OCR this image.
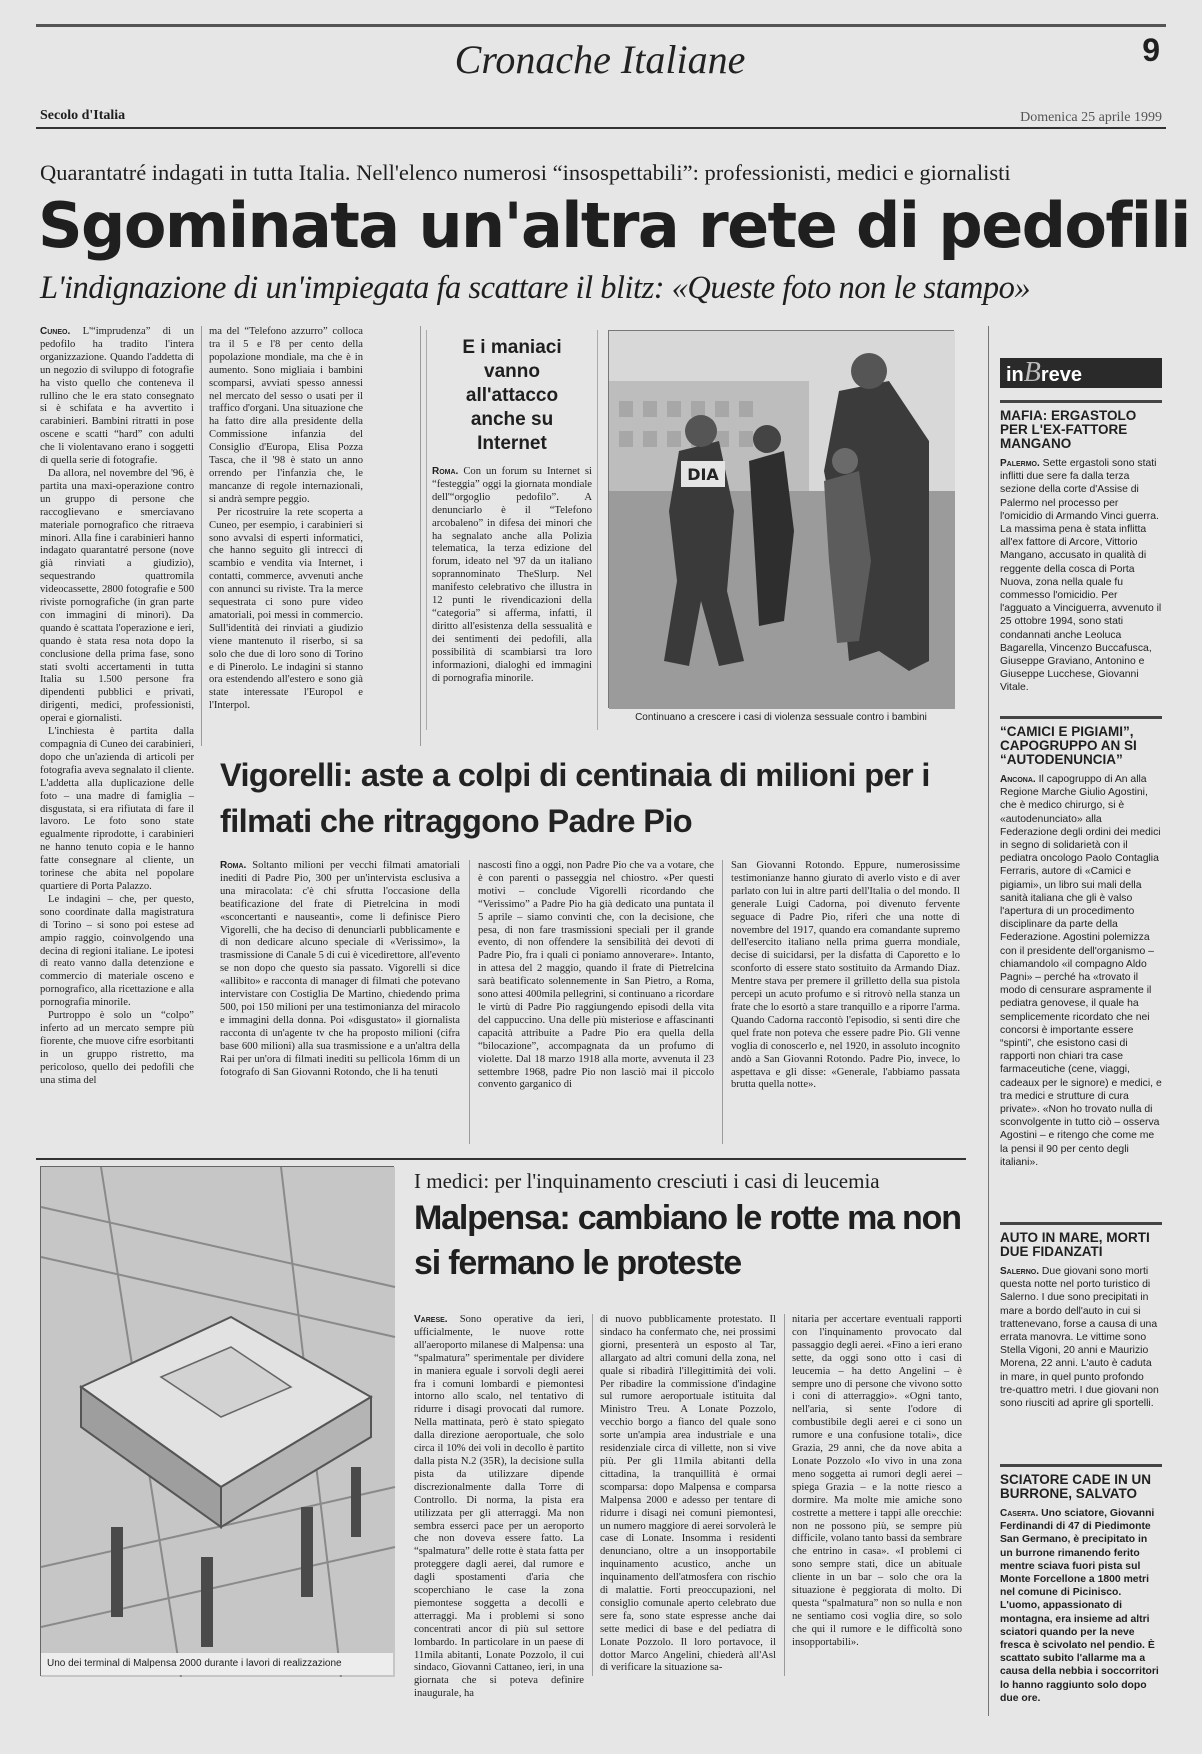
Cronache Italiane	9
Secolo d'Italia	Domenica 25 aprile 1999
Quarantatré indagati in tutta Italia. Nell'elenco numerosi “insospettabili”: professionisti, medici e giornalisti
Sgominata un'altra rete di pedofili
L'indignazione di un'impiegata fa scattare il blitz: «Queste foto non le stampo»

Cuneo. L'“imprudenza” di un pedofilo ha tradito l'intera organizzazione. Quando l'addetta di un negozio di sviluppo di fotografie ha visto quello che conteneva il rullino che le era stato consegnato si è schifata e ha avvertito i carabinieri. Bambini ritratti in pose oscene e scatti “hard” con adulti che li violentavano erano i soggetti di quella serie di fotografie.

Da allora, nel novembre del '96, è partita una maxi-operazione contro un gruppo di persone che raccoglievano e smerciavano materiale pornografico che ritraeva minori. Alla fine i carabinieri hanno indagato quarantatré persone (nove già rinviati a giudizio), sequestrando quattromila videocassette, 2800 fotografie e 500 riviste pornografiche (in gran parte con immagini di minori). Da quando è scattata l'operazione e ieri, quando è stata resa nota dopo la conclusione della prima fase, sono stati svolti accertamenti in tutta Italia su 1.500 persone fra dipendenti pubblici e privati, dirigenti, medici, professionisti, operai e giornalisti.

L'inchiesta è partita dalla compagnia di Cuneo dei carabinieri, dopo che un'azienda di articoli per fotografia aveva segnalato il cliente. L'addetta alla duplicazione delle foto – una madre di famiglia – disgustata, si era rifiutata di fare il lavoro. Le foto sono state egualmente riprodotte, i carabinieri ne hanno tenuto copia e le hanno fatte consegnare al cliente, un torinese che abita nel popolare quartiere di Porta Palazzo.

Le indagini – che, per questo, sono coordinate dalla magistratura di Torino – si sono poi estese ad ampio raggio, coinvolgendo una decina di regioni italiane. Le ipotesi di reato vanno dalla detenzione e commercio di materiale osceno e pornografico, alla ricettazione e alla pornografia minorile.

Purtroppo è solo un “colpo” inferto ad un mercato sempre più fiorente, che muove cifre esorbitanti in un gruppo ristretto, ma pericoloso, quello dei pedofili che una stima del

ma del “Telefono azzurro” colloca tra il 5 e l'8 per cento della popolazione mondiale, ma che è in aumento. Sono migliaia i bambini scomparsi, avviati spesso annessi nel mercato del sesso o usati per il traffico d'organi. Una situazione che ha fatto dire alla presidente della Commissione infanzia del Consiglio d'Europa, Elisa Pozza Tasca, che il '98 è stato un anno orrendo per l'infanzia che, le mancanze di regole internazionali, si andrà sempre peggio.

Per ricostruire la rete scoperta a Cuneo, per esempio, i carabinieri si sono avvalsi di esperti informatici, che hanno seguito gli intrecci di scambio e vendita via Internet, i contatti, commerce, avvenuti anche con annunci su riviste. Tra la merce sequestrata ci sono pure video amatoriali, poi messi in commercio. Sull'identità dei rinviati a giudizio viene mantenuto il riserbo, si sa solo che due di loro sono di Torino e di Pinerolo. Le indagini si stanno ora estendendo all'estero e sono già state interessate l'Europol e l'Interpol.

E i maniaci vanno all'attacco anche su Internet

Roma. Con un forum su Internet si “festeggia” oggi la giornata mondiale dell'“orgoglio pedofilo”. A denunciarlo è il “Telefono arcobaleno” in difesa dei minori che ha segnalato anche alla Polizia telematica, la terza edizione del forum, ideato nel '97 da un italiano soprannominato TheSlurp. Nel manifesto celebrativo che illustra in 12 punti le rivendicazioni della “categoria” si afferma, infatti, il diritto all'esistenza della sessualità e dei sentimenti dei pedofili, alla possibilità di scambiarsi tra loro informazioni, dialoghi ed immagini di pornografia minorile.

DIA
Continuano a crescere i casi di violenza sessuale contro i bambini
Vigorelli: aste a colpi di centinaia di milioni per i filmati che ritraggono Padre Pio

Roma. Soltanto milioni per vecchi filmati amatoriali inediti di Padre Pio, 300 per un'intervista esclusiva a una miracolata: c'è chi sfrutta l'occasione della beatificazione del frate di Pietrelcina in modi «sconcertanti e nauseanti», come li definisce Piero Vigorelli, che ha deciso di denunciarli pubblicamente e di non dedicare alcuno speciale di «Verissimo», la trasmissione di Canale 5 di cui è vicedirettore, all'evento se non dopo che questo sia passato. Vigorelli si dice «allibito» e racconta di manager di filmati che potevano intervistare con Costiglia De Martino, chiedendo prima 500, poi 150 milioni per una testimonianza del miracolo e immagini della donna. Poi «disgustato» il giornalista racconta di un'agente tv che ha proposto milioni (cifra base 600 milioni) alla sua trasmissione e a un'altra della Rai per un'ora di filmati inediti su pellicola 16mm di un fotografo di San Giovanni Rotondo, che li ha tenuti

nascosti fino a oggi, non Padre Pio che va a votare, che è con parenti o passeggia nel chiostro. «Per questi motivi – conclude Vigorelli ricordando che “Verissimo” a Padre Pio ha già dedicato una puntata il 5 aprile – siamo convinti che, con la decisione, che pesa, di non fare trasmissioni speciali per il grande evento, di non offendere la sensibilità dei devoti di Padre Pio, fra i quali ci poniamo annoverare». Intanto, in attesa del 2 maggio, quando il frate di Pietrelcina sarà beatificato solennemente in San Pietro, a Roma, sono attesi 400mila pellegrini, si continuano a ricordare le virtù di Padre Pio raggiungendo episodi della vita del cappuccino. Una delle più misteriose e affascinanti capacità attribuite a Padre Pio era quella della “bilocazione”, accompagnata da un profumo di violette. Dal 18 marzo 1918 alla morte, avvenuta il 23 settembre 1968, padre Pio non lasciò mai il piccolo convento garganico di

San Giovanni Rotondo. Eppure, numerosissime testimonianze hanno giurato di averlo visto e di aver parlato con lui in altre parti dell'Italia o del mondo. Il generale Luigi Cadorna, poi divenuto fervente seguace di Padre Pio, riferì che una notte di novembre del 1917, quando era comandante supremo dell'esercito italiano nella prima guerra mondiale, decise di suicidarsi, per la disfatta di Caporetto e lo sconforto di essere stato sostituito da Armando Diaz. Mentre stava per premere il grilletto della sua pistola percepì un acuto profumo e si ritrovò nella stanza un frate che lo esortò a stare tranquillo e a riporre l'arma. Quando Cadorna raccontò l'episodio, si sentì dire che quel frate non poteva che essere padre Pio. Gli venne voglia di conoscerlo e, nel 1920, in assoluto incognito andò a San Giovanni Rotondo. Padre Pio, invece, lo aspettava e gli disse: «Generale, l'abbiamo passata brutta quella notte».

Uno dei terminal di Malpensa 2000 durante i lavori di realizzazione
I medici: per l'inquinamento cresciuti i casi di leucemia
Malpensa: cambiano le rotte ma non si fermano le proteste

Varese. Sono operative da ieri, ufficialmente, le nuove rotte all'aeroporto milanese di Malpensa: una “spalmatura” sperimentale per dividere in maniera eguale i sorvoli degli aerei fra i comuni lombardi e piemontesi intorno allo scalo, nel tentativo di ridurre i disagi provocati dal rumore. Nella mattinata, però è stato spiegato dalla direzione aeroportuale, che solo circa il 10% dei voli in decollo è partito dalla pista N.2 (35R), la decisione sulla pista da utilizzare dipende discrezionalmente dalla Torre di Controllo. Di norma, la pista era utilizzata per gli atterraggi. Ma non sembra esserci pace per un aeroporto che non doveva essere fatto. La “spalmatura” delle rotte è stata fatta per proteggere dagli aerei, dal rumore e dagli spostamenti d'aria che scoperchiano le case la zona piemontese soggetta a decolli e atterraggi. Ma i problemi si sono concentrati ancor di più sul settore lombardo. In particolare in un paese di 11mila abitanti, Lonate Pozzolo, il cui sindaco, Giovanni Cattaneo, ieri, in una giornata che si poteva definire inaugurale, ha

di nuovo pubblicamente protestato. Il sindaco ha confermato che, nei prossimi giorni, presenterà un esposto al Tar, allargato ad altri comuni della zona, nel quale si ribadirà l'illegittimità dei voli. Per ribadire la commissione d'indagine sul rumore aeroportuale istituita dal Ministro Treu. A Lonate Pozzolo, vecchio borgo a fianco del quale sono sorte un'ampia area industriale e una residenziale circa di villette, non si vive più. Per gli 11mila abitanti della cittadina, la tranquillità è ormai scomparsa: dopo Malpensa e comparsa Malpensa 2000 e adesso per tentare di ridurre i disagi nei comuni piemontesi, un numero maggiore di aerei sorvolerà le case di Lonate. Insomma i residenti denunciano, oltre a un insopportabile inquinamento acustico, anche un inquinamento dell'atmosfera con rischio di malattie. Forti preoccupazioni, nel consiglio comunale aperto celebrato due sere fa, sono state espresse anche dai sette medici di base e del pediatra di Lonate Pozzolo. Il loro portavoce, il dottor Marco Angelini, chiederà all'Asl di verificare la situazione sa-

nitaria per accertare eventuali rapporti con l'inquinamento provocato dal passaggio degli aerei. «Fino a ieri erano sette, da oggi sono otto i casi di leucemia – ha detto Angelini – è sempre uno di persone che vivono sotto i coni di atterraggio». «Ogni tanto, nell'aria, si sente l'odore di combustibile degli aerei e ci sono un rumore e una confusione totali», dice Grazia, 29 anni, che da nove abita a Lonate Pozzolo «Io vivo in una zona meno soggetta ai rumori degli aerei – spiega Grazia – e la notte riesco a dormire. Ma molte mie amiche sono costrette a mettere i tappi alle orecchie: non ne possono più, se sempre più difficile, volano tanto bassi da sembrare che entrino in casa». «I problemi ci sono sempre stati, dice un abituale cliente in un bar – solo che ora la situazione è peggiorata di molto. Di questa “spalmatura” non so nulla e non ne sentiamo così voglia dire, so solo che qui il rumore e le difficoltà sono insopportabili».

inBreve
MAFIA: ERGASTOLO PER L'EX-FATTORE MANGANO
Palermo. Sette ergastoli sono stati inflitti due sere fa dalla terza sezione della corte d'Assise di Palermo nel processo per l'omicidio di Armando Vinci guerra. La massima pena è stata inflitta all'ex fattore di Arcore, Vittorio Mangano, accusato in qualità di reggente della cosca di Porta Nuova, zona nella quale fu commesso l'omicidio. Per l'agguato a Vinciguerra, avvenuto il 25 ottobre 1994, sono stati condannati anche Leoluca Bagarella, Vincenzo Buccafusca, Giuseppe Graviano, Antonino e Giuseppe Lucchese, Giovanni Vitale.
“CAMICI E PIGIAMI”, CAPOGRUPPO AN SI “AUTODENUNCIA”
Ancona. Il capogruppo di An alla Regione Marche Giulio Agostini, che è medico chirurgo, si è «autodenunciato» alla Federazione degli ordini dei medici in segno di solidarietà con il pediatra oncologo Paolo Contaglia Ferraris, autore di «Camici e pigiami», un libro sui mali della sanità italiana che gli è valso l'apertura di un procedimento disciplinare da parte della Federazione. Agostini polemizza con il presidente dell'organismo – chiamandolo «il compagno Aldo Pagni» – perché ha «trovato il modo di censurare aspramente il pediatra genovese, il quale ha semplicemente ricordato che nei concorsi è importante essere “spinti”, che esistono casi di rapporti non chiari tra case farmaceutiche (cene, viaggi, cadeaux per le signore) e medici, e tra medici e strutture di cura private». «Non ho trovato nulla di sconvolgente in tutto ciò – osserva Agostini – e ritengo che come me la pensi il 90 per cento degli italiani».
AUTO IN MARE, MORTI DUE FIDANZATI
Salerno. Due giovani sono morti questa notte nel porto turistico di Salerno. I due sono precipitati in mare a bordo dell'auto in cui si trattenevano, forse a causa di una errata manovra. Le vittime sono Stella Vigoni, 20 anni e Maurizio Morena, 22 anni. L'auto è caduta in mare, in quel punto profondo tre-quattro metri. I due giovani non sono riusciti ad aprire gli sportelli.
SCIATORE CADE IN UN BURRONE, SALVATO
Caserta. Uno sciatore, Giovanni Ferdinandi di 47 di Piedimonte San Germano, è precipitato in un burrone rimanendo ferito mentre sciava fuori pista sul Monte Forcellone a 1800 metri nel comune di Picinisco. L'uomo, appassionato di montagna, era insieme ad altri sciatori quando per la neve fresca è scivolato nel pendio. È scattato subito l'allarme ma a causa della nebbia i soccorritori lo hanno raggiunto solo dopo due ore.
